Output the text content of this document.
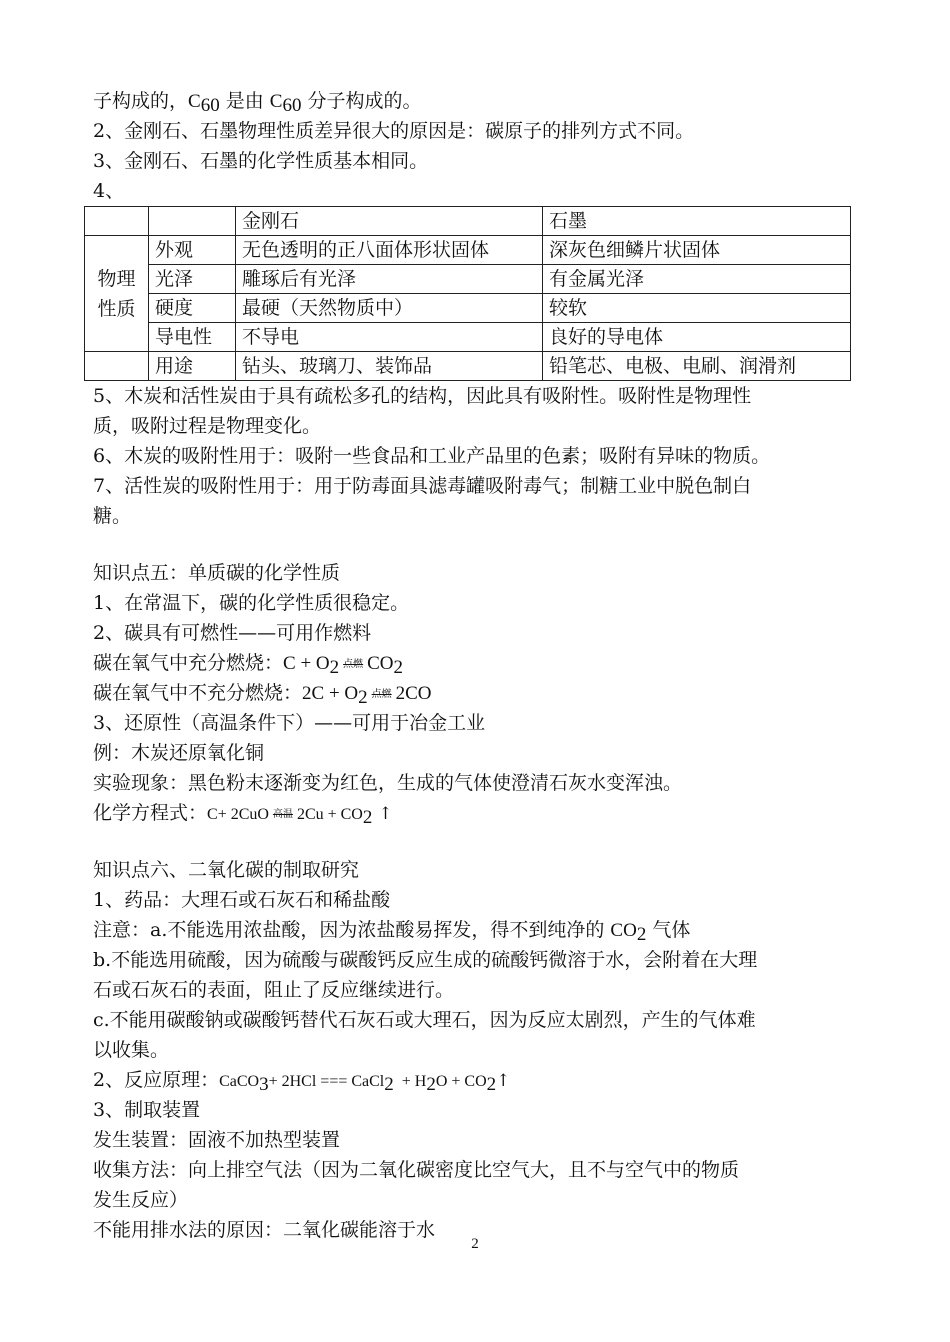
子构成的，$C_{60}$ 是由 $C_{60}$ 分子构成的。
2、金刚石、石墨物理性质差异很大的原因是：碳原子的排列方式不同。
3、金刚石、石墨的化学性质基本相同。
4、
		金刚石	石墨
物理性质	外观	无色透明的正八面体形状固体	深灰色细鳞片状固体
	光泽	雕琢后有光泽	有金属光泽
	硬度	最硬（天然物质中）	较软
	导电性	不导电	良好的导电体
	用途	钻头、玻璃刀、装饰品	铅笔芯、电极、电刷、润滑剂
5、木炭和活性炭由于具有疏松多孔的结构，因此具有吸附性。吸附性是物理性
质，吸附过程是物理变化。
6、木炭的吸附性用于：吸附一些食品和工业产品里的色素；吸附有异味的物质。
7、活性炭的吸附性用于：用于防毒面具滤毒罐吸附毒气；制糖工业中脱色制白
糖。
知识点五：单质碳的化学性质
1、在常温下，碳的化学性质很稳定。
2、碳具有可燃性——可用作燃料
碳在氧气中充分燃烧：$C + O_2$ 点燃 $CO_2$
碳在氧气中不充分燃烧：$2C + O_2$ 点燃 2CO
3、还原性（高温条件下）——可用于冶金工业
例：木炭还原氧化铜
实验现象：黑色粉末逐渐变为红色，生成的气体使澄清石灰水变浑浊。
化学方程式：C+ 2CuO 高温 $2Cu + CO_2$ ↑
知识点六、二氧化碳的制取研究
1、药品：大理石或石灰石和稀盐酸
注意：a.不能选用浓盐酸，因为浓盐酸易挥发，得不到纯净的 $CO_2$ 气体
b.不能选用硫酸，因为硫酸与碳酸钙反应生成的硫酸钙微溶于水，会附着在大理
石或石灰石的表面，阻止了反应继续进行。
c.不能用碳酸钠或碳酸钙替代石灰石或大理石，因为反应太剧烈，产生的气体难
以收集。
2、反应原理：CaCO$_3$+ 2HCl === CaCl$_2$  + $H_2O$ + $CO_2↑$
3、制取装置
发生装置：固液不加热型装置
收集方法：向上排空气法（因为二氧化碳密度比空气大，且不与空气中的物质
发生反应）
不能用排水法的原因：二氧化碳能溶于水
2
